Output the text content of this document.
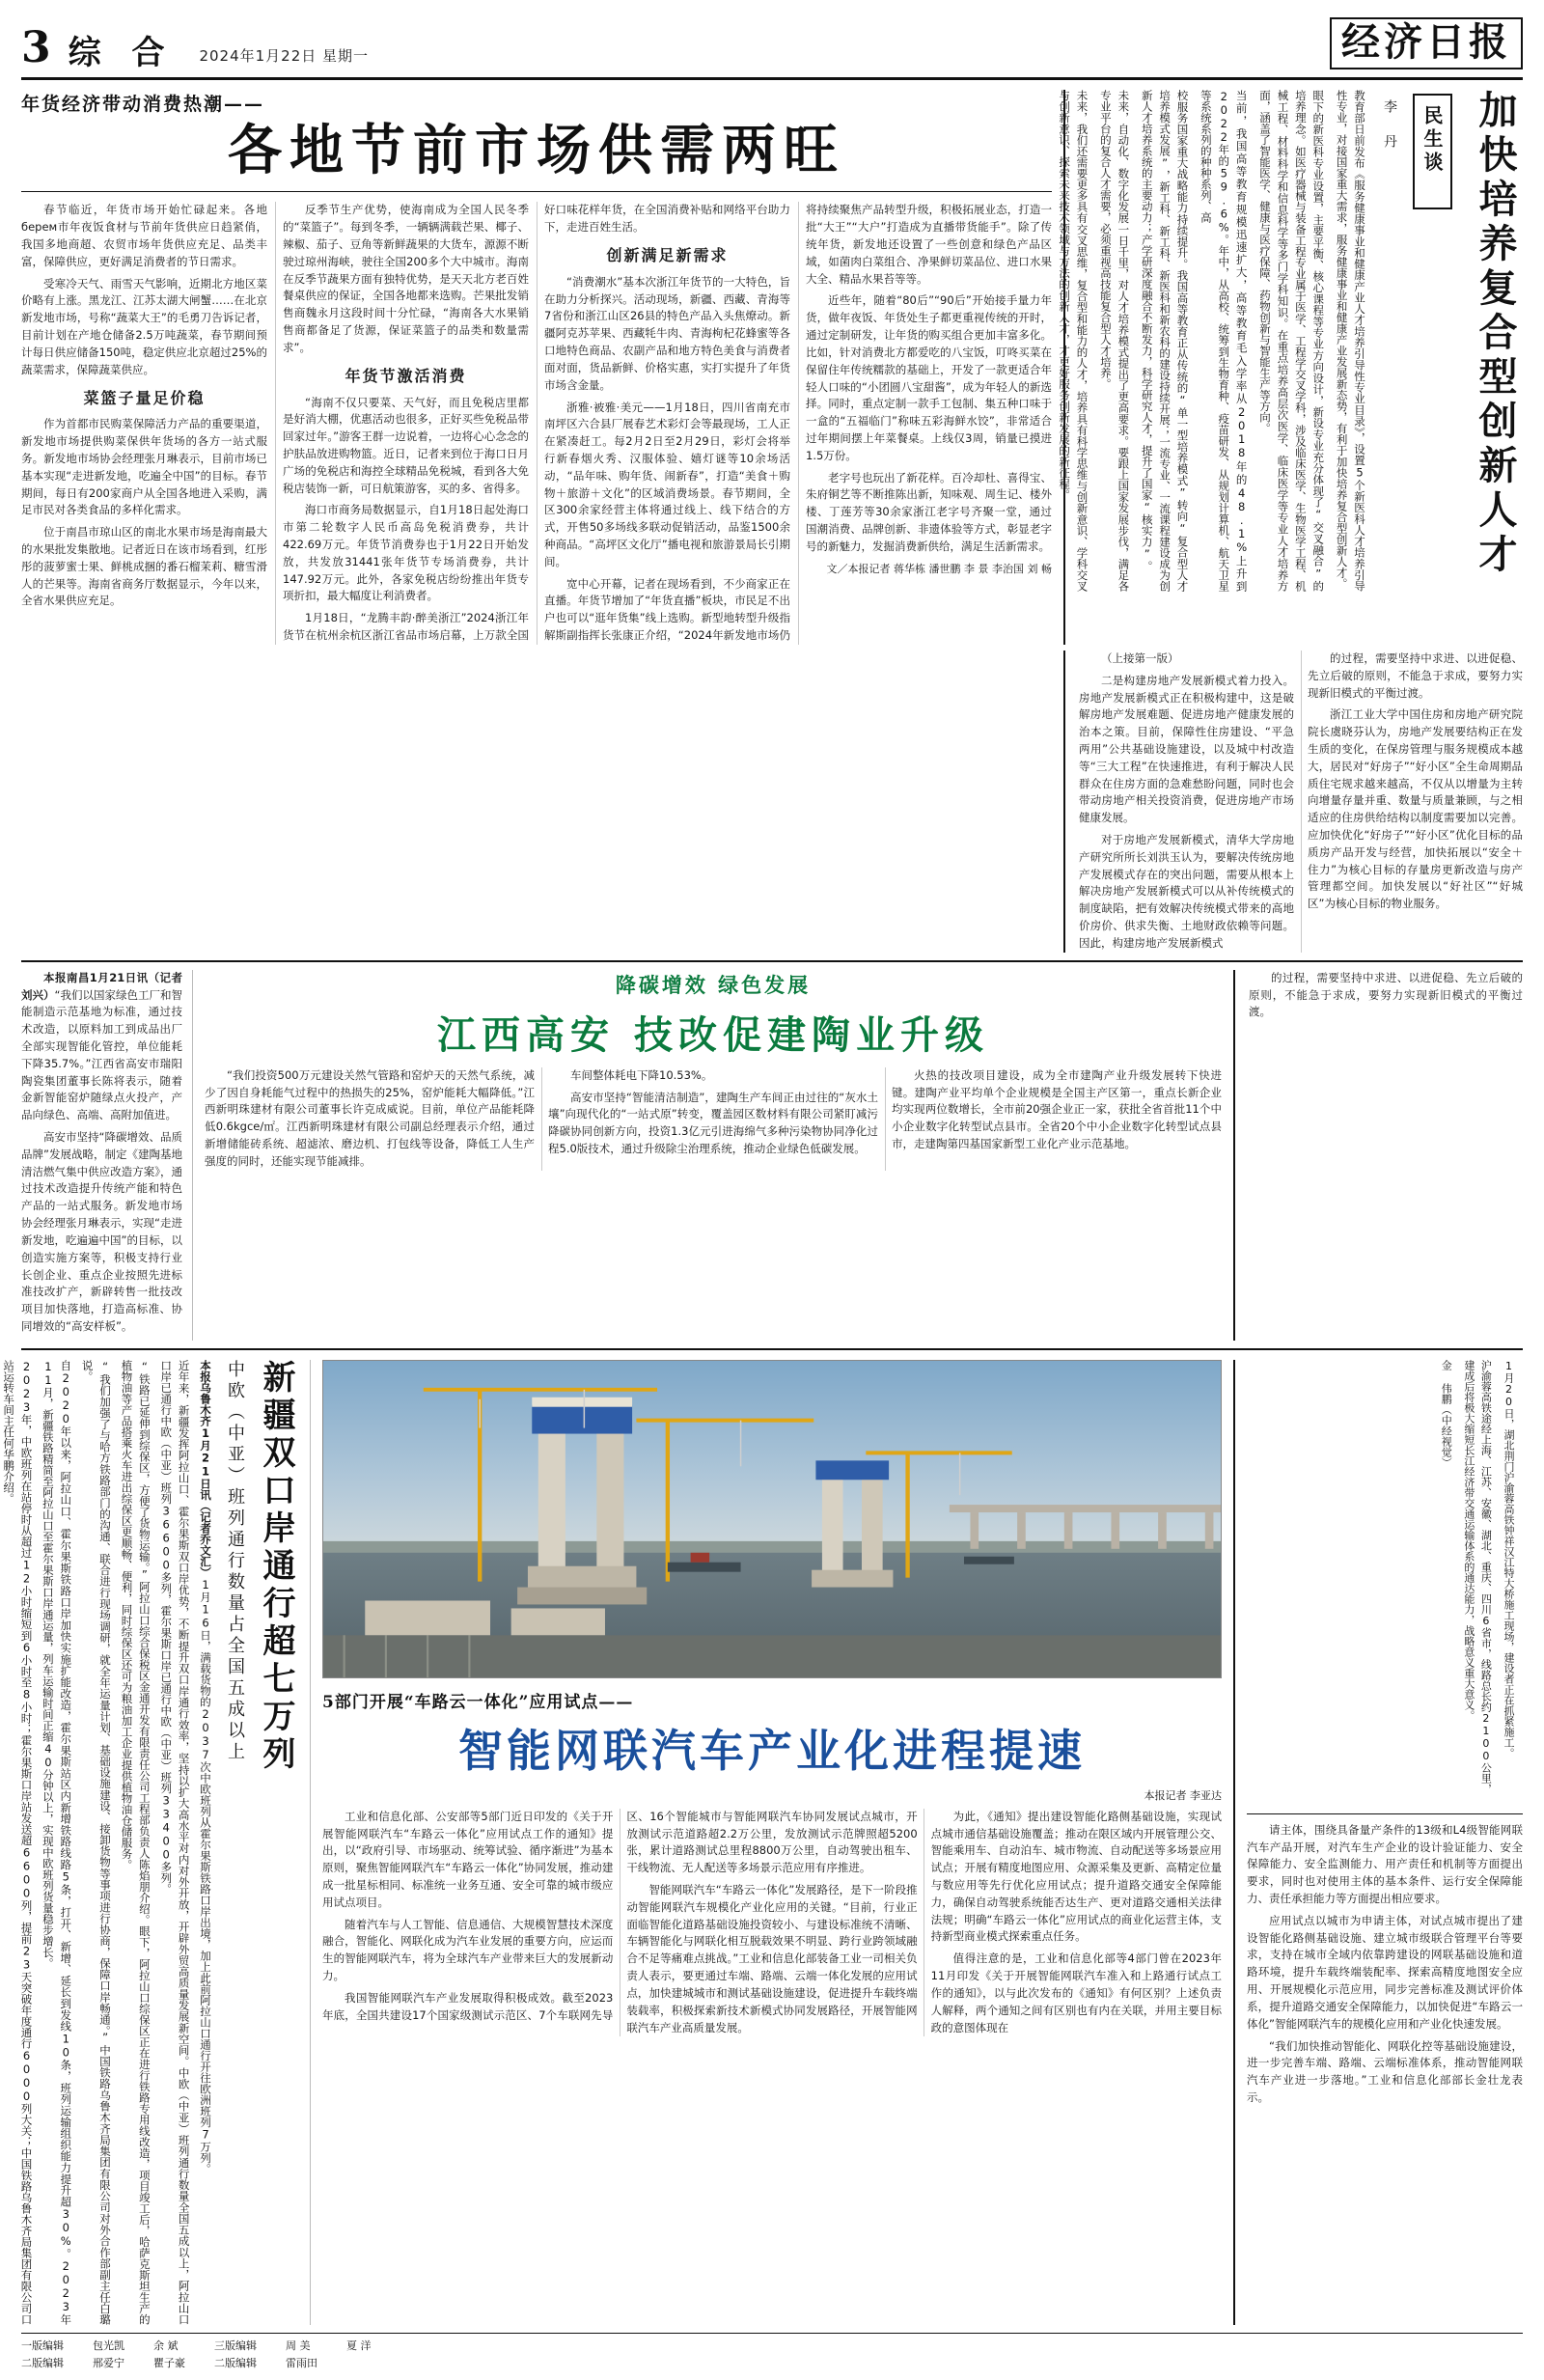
3 综 合 2024年1月22日 星期一	经济日报
年货经济带动消费热潮——
各地节前市场供需两旺

春节临近，年货市场开始忙碌起来。各地берем市年夜饭食材与节前年货供应日趋紧俏，我国多地商超、农贸市场年货供应充足、品类丰富，保障供应，更好满足消费者的节日需求。

受寒冷天气、雨雪天气影响，近期北方地区菜价略有上涨。黑龙江、江苏太湖大闸蟹……在北京新发地市场，号称“蔬菜大王”的毛勇刀告诉记者，目前计划在产地仓储备2.5万吨蔬菜，春节期间预计每日供应储备150吨，稳定供应北京超过25%的蔬菜需求，保障蔬菜供应。

菜篮子量足价稳

作为首都市民购菜保障活力产品的重要渠道，新发地市场提供购菜保供年货场的各方一站式服务。新发地市场协会经理张月琳表示，目前市场已基本实现“走进新发地，吃遍全中国”的目标。春节期间，每日有200家商户从全国各地进入采购，满足市民对各类食品的多样化需求。

位于南昌市琼山区的南北水果市场是海南最大的水果批发集散地。记者近日在该市场看到，红彤彤的菠萝蜜士果、鲜桃成捆的番石榴茉莉、糖雪滑人的芒果等。海南省商务厅数据显示，今年以来，全省水果供应充足。

反季节生产优势，使海南成为全国人民冬季的“菜篮子”。每到冬季，一辆辆满载芒果、椰子、辣椒、茄子、豆角等新鲜蔬果的大货车，源源不断驶过琼州海峡，驶往全国200多个大中城市。海南在反季节蔬果方面有独特优势，是天天北方老百姓餐桌供应的保证，全国各地都来选购。芒果批发销售商魏永月这段时间十分忙碌，“海南各大水果销售商都备足了货源，保证菜篮子的品类和数量需求”。

年货节激活消费

“海南不仅只要菜、天气好，而且免税店里都是好消大棚，优惠活动也很多，正好买些免税品带回家过年。”游客王群一边说着，一边将心心念念的护肤品放进购物篮。近日，记者来到位于海口日月广场的免税店和海控全球精品免税城，看到各大免税店装饰一新，可日航策游客，买的多、省得多。

海口市商务局数据显示，自1月18日起处海口市第二轮数字人民币高岛免税消费券，共计422.69万元。年货节消费券也于1月22日开始发放，共发放31441张年货节专场消费券，共计147.92万元。此外，各家免税店纷纷推出年货专项折扣，最大幅度让利消费者。

1月18日，“龙腾丰韵·醉美浙江”2024浙江年货节在杭州余杭区浙江省品市场启幕，上万款全国好口味花样年货，在全国消费补贴和网络平台助力下，走进百姓生活。

创新满足新需求

“消费潮水”基本次浙江年货节的一大特色，旨在助力分析探兴。活动现场，新疆、西藏、青海等7省份和浙江山区26县的特色产品入头焦燎动。新疆阿克苏苹果、西藏牦牛肉、青海枸杞花蜂蜜等各口地特色商品、农副产品和地方特色美食与消费者面对面，货品新鲜、价格实惠，实打实提升了年货市场含金量。

浙雅·被雅·美元——1月18日，四川省南充市南坪区六合县厂展春艺术彩灯会等最现场，工人正在紧凑赶工。每2月2日至2月29日，彩灯会将举行新春烟火秀、汉服体验、嬉灯谜等10余场活动，“品年味、购年货、闹新春”，打造“美食＋购物＋旅游＋文化”的区域消费场景。春节期间，全区300余家经营主体将通过线上、线下结合的方式，开售50多场线多联动促销活动，品鉴1500余种商品。“高坪区文化厅”播电视和旅游景局长引期间。

宽中心开幕，记者在现场看到，不少商家正在直播。年货节增加了“年货直播”板块，市民足不出户也可以“逛年货集”线上选购。新型地转型升级指解斯副指挥长张康正介绍，“2024年新发地市场仍将持续聚焦产品转型升级，积极拓展业态，打造一批“大王”“大户”打造成为直播带货能手”。除了传统年货，新发地还设置了一些创意和绿色产品区域，如菌肉白菜组合、净果鲜切菜品位、进口水果大全、精品水果苔等等。

近些年，随着“80后”“90后”开始接手量力年货，做年夜饭、年货处生子都更重视传统的开时，通过定制研发，让年货的购买组合更加丰富多化。比如，针对消费北方都爱吃的八宝饭，叮咚买菜在保留住年传统糯款的基础上，开发了一款更适合年轻人口味的“小团圆八宝甜酱”，成为年轻人的新选择。同时，重点定制一款手工包制、集五种口味于一盒的“五福临门”称味五彩海鲜水饺”，非常适合过年期间摆上年菜餐桌。上线仅3周，销量已摸进1.5万份。

老字号也玩出了新花样。百冷却杜、喜得宝、朱府铜艺等不断推陈出新，知味观、周生记、楼外楼、丁莲芳等30余家浙江老字号齐聚一堂，通过国潮消费、品牌创新、非遗体验等方式，彰显老字号的新魅力，发掘消费新供给，满足生活新需求。

文／本报记者 蒋华栋 潘世鹏 李 景 李治国 刘 畅	加快培养复合型创新人才
民生谈
李 丹
教育部日前发布《服务健康事业和健康产业人才培养引导性专业目录》，设置5个新医科人才培养引导性专业，对接国家重大需求，服务健康事业和健康产业发展新态势，有利于加快培养复合型创新人才。
眼下的新医科专业设置，主要平衡、核心课程等专业方向设计，新设专业充分体现了“交叉融合”的培养理念。如医疗器械与装备工程专业属于医学、工程学交叉学科，涉及临床医学、生物医学工程、机械工程、材料科学和信息科学等多门学科知识。在重点培养高层次医学、临床医学等专业人才培养方面，涵盖了智能医学、健康与医疗保障、药物创新与智能生产等方向。
当前，我国高等教育规模迅速扩大，高等教育毛入学率从2018年的48.1%上升到2022年的59.6%。年中，从高校、统筹到生物育种、疫苗研发、从规划计算机、航天卫星等系统系列的种种系列、高
校服务国家重大战略能力持续提升。我国高等教育正从传统的“单一型培养模式”转向“复合型人才培养模式发展”，新工科、新工科、新医科和新农科的建设持续开展；一流专业、一流课程建设成为创新人才培养系统的主要动力；产学研深度融合不断发力，科学研究人才，提升了国家“核实力”。
未来，自动化、数字化发展一日千里，对人才培养模式提出了更高要求。要跟上国家发展步伐，满足各专业平台的复合人才需要，必须重视高技能复合型人才培养。
未来，我们还需要更多具有交叉思维，复合型和能力的人才，培养具有科学思维与创新意识、学科交叉与创新意识、探索未来技术领域与方法的创新人才，才更好服务创新发展的新征程。

（上接第一版）

二是构建房地产发展新模式着力投入。房地产发展新模式正在积极构建中，这是破解房地产发展难题、促进房地产健康发展的治本之策。目前，保障性住房建设、“平急两用”公共基础设施建设，以及城中村改造等“三大工程”在快速推进，有利于解决人民群众在住房方面的急难愁盼问题，同时也会带动房地产相关投资消费，促进房地产市场健康发展。

对于房地产发展新模式，清华大学房地产研究所所长刘洪玉认为，要解决传统房地产发展模式存在的突出问题，需要从根本上解决房地产发展新模式可以从补传统模式的制度缺陷，把有效解决传统模式带来的高地价房价、供求失衡、土地财政依赖等问题。因此，构建房地产发展新模式

的过程，需要坚持中求进、以进促稳、先立后破的原则，不能急于求成，要努力实现新旧模式的平衡过渡。

浙江工业大学中国住房和房地产研究院院长虞晓芬认为，房地产发展要结构正在发生质的变化，在保房管理与服务规模成本越大，居民对“好房子”“好小区”全生命周期品质住宅规求越来越高，不仅从以增量为主转向增量存量并重、数量与质量兼顾，与之相适应的住房供给结构以制度需要加以完善。应加快优化“好房子”“好小区”优化目标的品质房产品开发与经营，加快拓展以“安全＋住力”为核心目标的存量房更新改造与房产管理都空间。加快发展以“好社区”“好城区”为核心目标的物业服务。

本报南昌1月21日讯（记者刘兴）“我们以国家绿色工厂和智能制造示范基地为标准，通过技术改造，以原料加工到成品出厂全部实现智能化管控，单位能耗下降35.7%。”江西省高安市瑞阳陶瓷集团董事长陈将表示，随着金新智能窑炉随绿点火投产，产品向绿色、高端、高附加值进。

高安市坚持“降碳增效、品质品牌”发展战略，制定《建陶基地清洁燃气集中供应改造方案》，通过技术改造提升传统产能和特色产品的一站式服务。新发地市场协会经理张月琳表示，实现“走进新发地，吃遍遍中国”的目标，以创造实施方案等，积极支持行业长创企业、重点企业按照先进标准技改扩产，新辟转售一批技改项目加快落地，打造高标准、协同增效的“高安样板”。

降碳增效 绿色发展
江西高安 技改促建陶业升级

“我们投资500万元建设关然气管路和窑炉天的天然气系统，减少了因自身耗能气过程中的热损失的25%，窑炉能耗大幅降低。”江西新明珠建材有限公司董事长许克成威说。目前，单位产品能耗降低0.6kgce/㎡。江西新明珠建材有限公司副总经理表示介绍，通过新增储能砖系统、超滤浓、磨边机、打包线等设备，降低工人生产强度的同时，还能实现节能减排。

车间整体耗电下降10.53%。

高安市坚持“智能清洁制造”，建陶生产车间正由过往的“灰水土壤”向现代化的“一站式原”转变，覆盖园区数材料有限公司紧盯减污降碳协同创新方向，投资1.3亿元引进海绵气多种污染物协同净化过程5.0版技术，通过升级除尘治理系统，推动企业绿色低碳发展。

火热的技改项目建设，成为全市建陶产业升级发展转下快进键。建陶产业平均单个企业规模是全国主产区第一，重点长新企业均实现两位数增长，全市前20强企业正一家，获批全省首批11个中小企业数字化转型试点县市。全省20个中小企业数字化转型试点县市，走建陶第四基国家新型工业化产业示范基地。

的过程，需要坚持中求进、以进促稳、先立后破的原则，不能急于求成，要努力实现新旧模式的平衡过渡。

新疆双口岸通行超七万列
中欧（中亚）班列通行数量占全国五成以上
本报乌鲁木齐1月21日讯（记者乔文汇）1月16日，满载货物的2037次中欧班列从霍尔果斯铁路口岸出境，加上此前阿拉山口通行开往欧洲班列7万列。
近年来，新疆发挥阿拉山口、霍尔果斯双口岸优势，不断提升双口岸通行效率，坚持以扩大高水平对内对外开放，开辟外贸高质量发展新空间。中欧（中亚）班列通行数量全国五成以上，阿拉山口口岸已通行中欧（中亚）班列36600多列，霍尔果斯口岸已通行中欧（中亚）班列33400多列。
“铁路已延伸到综保区，方便了货物运输。”阿拉山口综合保税区金通开发有限责任公司工程部负责人陈焰朋介绍。眼下，阿拉山口综保区正在进行铁路专用线改造，项目竣工后，哈萨克斯坦生产的植物油等产品搭乘火车进出综保区更顺畅、便利，同时综保区还可为粮油加工企业提供植物油仓储服务。
“我们加强了与哈方铁路部门的沟通、联合进行现场调研，就全年运量计划、基础设施建设、接卸货物等事项进行协商，保障口岸畅通。”中国铁路乌鲁木齐局集团有限公司对外合作部副主任白璐说。
自2020年以来，阿拉山口、霍尔果斯铁路口岸加快实施扩能改造，霍尔果斯站区内新增铁路线路5条，打开、新增、延长到发线10条，班列运输组织能力提升超30%。2023年11月，新疆铁路精简至阿拉山口至霍尔果斯口岸通运量，列车运输时间正缩40分钟以上，实现中欧班列货量稳步增长。
2023年，中欧班列在站停时从超过12小时缩短到6小时至8小时；霍尔果斯口岸站发送超6600列，提前23天突破年度通行6000列大关；中国铁路乌鲁木齐局集团有限公司口站运转车间主任何华鹏介绍。
5部门开展“车路云一体化”应用试点——
智能网联汽车产业化进程提速
本报记者 李亚达

工业和信息化部、公安部等5部门近日印发的《关于开展智能网联汽车“车路云一体化”应用试点工作的通知》提出，以“政府引导、市场驱动、统筹试验、循序渐进”为基本原则，聚焦智能网联汽车“车路云一体化”协同发展，推动建成一批星标相同、标准统一业务互通、安全可靠的城市级应用试点项目。

随着汽车与人工智能、信息通信、大规模智慧技术深度融合，智能化、网联化成为汽车业发展的重要方向，应运而生的智能网联汽车，将为全球汽车产业带来巨大的发展新动力。

我国智能网联汽车产业发展取得积极成效。截至2023年底，全国共建设17个国家级测试示范区、7个车联网先导区、16个智能城市与智能网联汽车协同发展试点城市，开放测试示范道路超2.2万公里，发放测试示范牌照超5200张，累计道路测试总里程8800万公里，自动驾驶出租车、干线物流、无人配送等多场景示范应用有序推进。

智能网联汽车“车路云一体化”发展路径，是下一阶段推动智能网联汽车规模化产业化应用的关键。“目前，行业正面临智能化道路基础设施投资较小、与建设标准统不清晰、车辆智能化与网联化相互脱载效果不明显、跨行业跨领域融合不足等痛难点挑战。”工业和信息化部装备工业一司相关负责人表示，要更通过车端、路端、云端一体化发展的应用试点，加快建城城市和测试基础设施建设，促进提升车载终端装载率，积极探索新技术新模式协同发展路径，开展智能网联汽车产业高质量发展。

为此，《通知》提出建设智能化路侧基础设施，实现试点城市通信基础设施覆盖；推动在限区域内开展管理公交、智能乘用车、自动泊车、城市物流、自动配送等多场景应用试点；开展有精度地图应用、众源采集及更新、高精定位量与数应用等先行优化应用试点；提升道路交通安全保障能力，确保自动驾驶系统能否达生产、更对道路交通相关法律法规；明确“车路云一体化”应用试点的商业化运营主体，支持新型商业模式探索重点任务。

值得注意的是，工业和信息化部等4部门曾在2023年11月印发《关于开展智能网联汽车准入和上路通行试点工作的通知》，以与此次发布的《通知》有何区别？上述负责人解释，两个通知之间有区别也有内在关联，并用主要目标政的意图体现在

1月20日，湖北荆门沪渝蓉高铁钟祥汉江特大桥施工现场，建设者正在抓紧施工。
沪渝蓉高铁途经上海、江苏、安徽、湖北、重庆、四川6省市，线路总长约2100公里，建成后将极大缩短长江经济带交通运输体系的通达能力，战略意义重大意义。
金 伟鹏（中经视觉）

请主体，围绕具备量产条件的13级和L4级智能网联汽车产品开展，对汽车生产企业的设计验证能力、安全保障能力、安全监测能力、用产责任和机制等方面提出要求，同时也对使用主体的基本条件、运行安全保障能力、责任承担能力等方面提出相应要求。

应用试点以城市为申请主体，对试点城市提出了建设智能化路侧基础设施、建立城市级联合管理平台等要求，支持在城市全域内依靠跨建设的网联基础设施和道路环境，提升车载终端装配率、探索高精度地图安全应用、开展规模化示范应用，同步完善标准及测试评价体系，提升道路交通安全保障能力，以加快促进“车路云一体化”智能网联汽车的规模化应用和产业化快速发展。

“我们加快推动智能化、网联化控等基础设施建设，进一步完善车端、路端、云端标准体系，推动智能网联汽车产业进一步落地。”工业和信息化部部长金壮龙表示。

一版编辑
二版编辑
包光凯
邢爱宁
余 斌
瞿子豪
三版编辑
二版编辑
周 美
雷雨田
夏 洋
